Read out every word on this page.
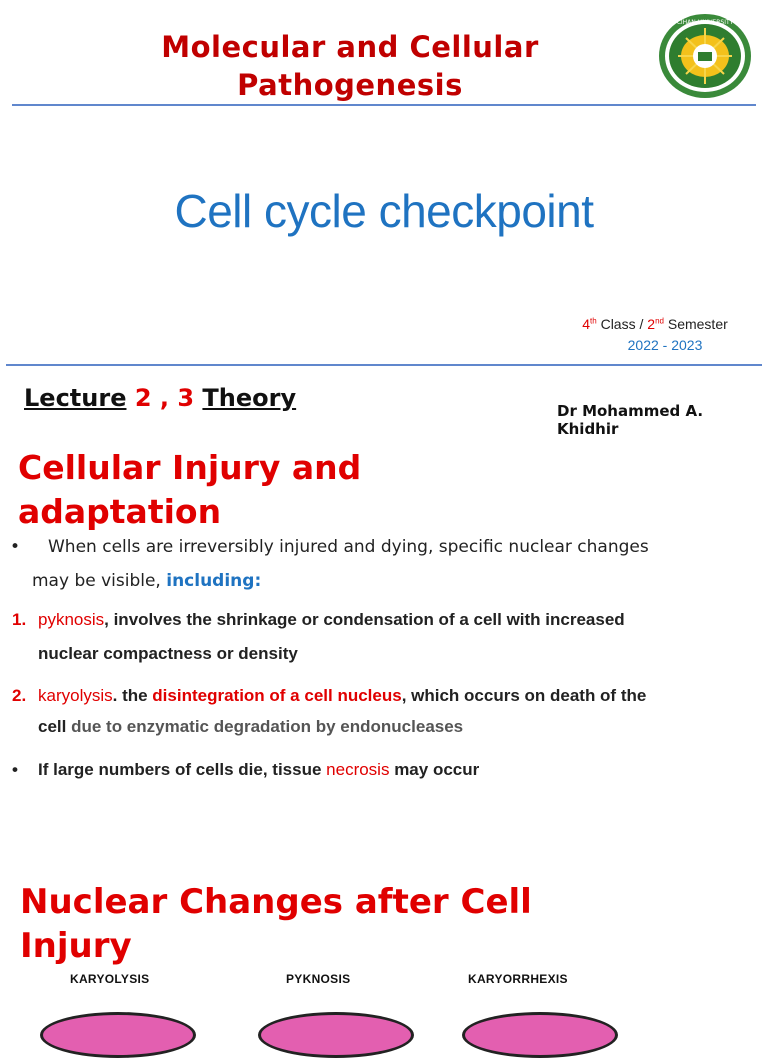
Molecular and Cellular
Pathogenesis
CIHAN UNIVERSITY
Cell cycle checkpoint
4th Class / 2nd Semester
2022 - 2023
Lecture 2 , 3 Theory	Dr Mohammed A. Khidhir
Cellular Injury and adaptation
• When cells are irreversibly injured and dying, specific nuclear changes
may be visible, including:
1. pyknosis, involves the shrinkage or condensation of a cell with increased
nuclear compactness or density
2. karyolysis. the disintegration of a cell nucleus, which occurs on death of the
cell due to enzymatic degradation by endonucleases
• If large numbers of cells die, tissue necrosis may occur
Nuclear Changes after Cell Injury
KARYOLYSIS	PYKNOSIS	KARYORRHEXIS
